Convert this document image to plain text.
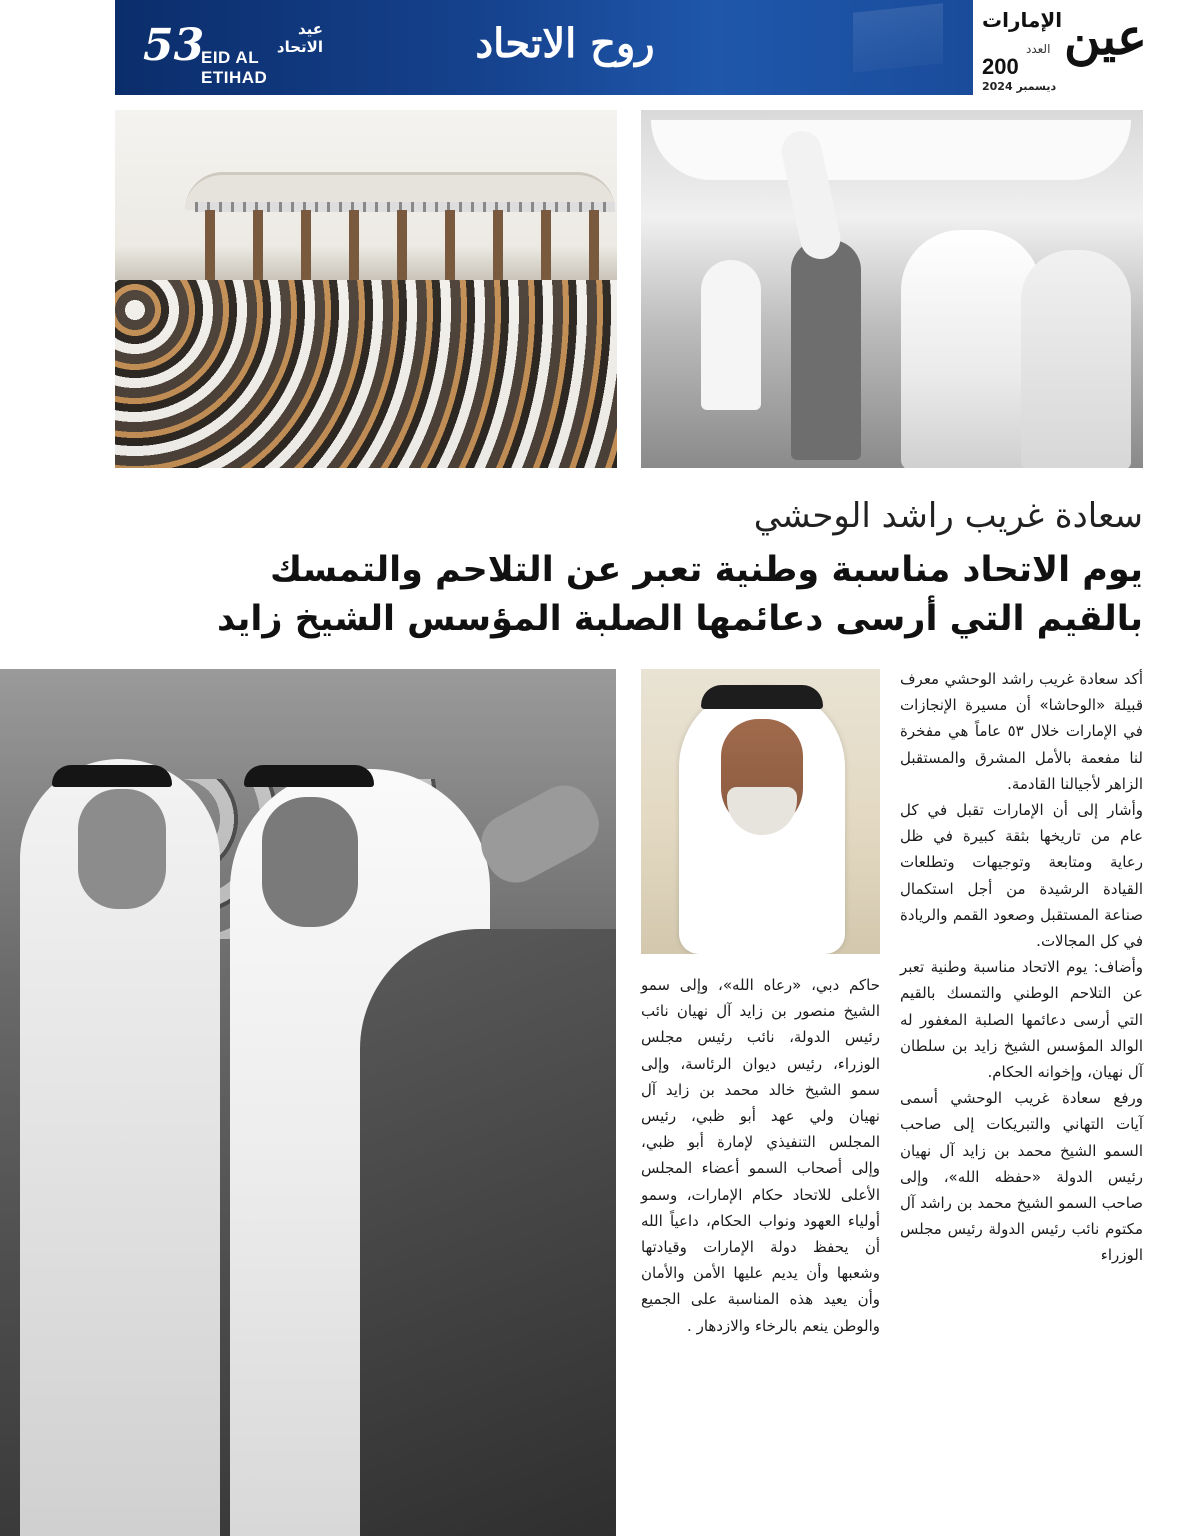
53	عيد الاتحاد
EID AL ETIHAD
روح الاتحاد	عين
الإمارات
العدد
200
ديسمبر 2024
سعادة غريب راشد الوحشي
يوم الاتحاد مناسبة وطنية تعبر عن التلاحم والتمسك
بالقيم التي أرسى دعائمها الصلبة المؤسس الشيخ زايد

أكد سعادة غريب راشد الوحشي معرف قبيلة «الوحاشا» أن مسيرة الإنجازات في الإمارات خلال ٥٣ عاماً هي مفخرة لنا مفعمة بالأمل المشرق والمستقبل الزاهر لأجيالنا القادمة.

وأشار إلى أن الإمارات تقبل في كل عام من تاريخها بثقة كبيرة في ظل رعاية ومتابعة وتوجيهات وتطلعات القيادة الرشيدة من أجل استكمال صناعة المستقبل وصعود القمم والريادة في كل المجالات.

وأضاف: يوم الاتحاد مناسبة وطنية تعبر عن التلاحم الوطني والتمسك بالقيم التي أرسى دعائمها الصلبة المغفور له الوالد المؤسس الشيخ زايد بن سلطان آل نهيان، وإخوانه الحكام.

ورفع سعادة غريب الوحشي أسمى آيات التهاني والتبريكات إلى صاحب السمو الشيخ محمد بن زايد آل نهيان رئيس الدولة «حفظه الله»، وإلى صاحب السمو الشيخ محمد بن راشد آل مكتوم نائب رئيس الدولة رئيس مجلس الوزراء

حاكم دبي، «رعاه الله»، وإلى سمو الشيخ منصور بن زايد آل نهيان نائب رئيس الدولة، نائب رئيس مجلس الوزراء، رئيس ديوان الرئاسة، وإلى سمو الشيخ خالد محمد بن زايد آل نهيان ولي عهد أبو ظبي، رئيس المجلس التنفيذي لإمارة أبو ظبي، وإلى أصحاب السمو أعضاء المجلس الأعلى للاتحاد حكام الإمارات، وسمو أولياء العهود ونواب الحكام، داعياً الله أن يحفظ دولة الإمارات وقيادتها وشعبها وأن يديم عليها الأمن والأمان وأن يعيد هذه المناسبة على الجميع والوطن ينعم بالرخاء والازدهار .
